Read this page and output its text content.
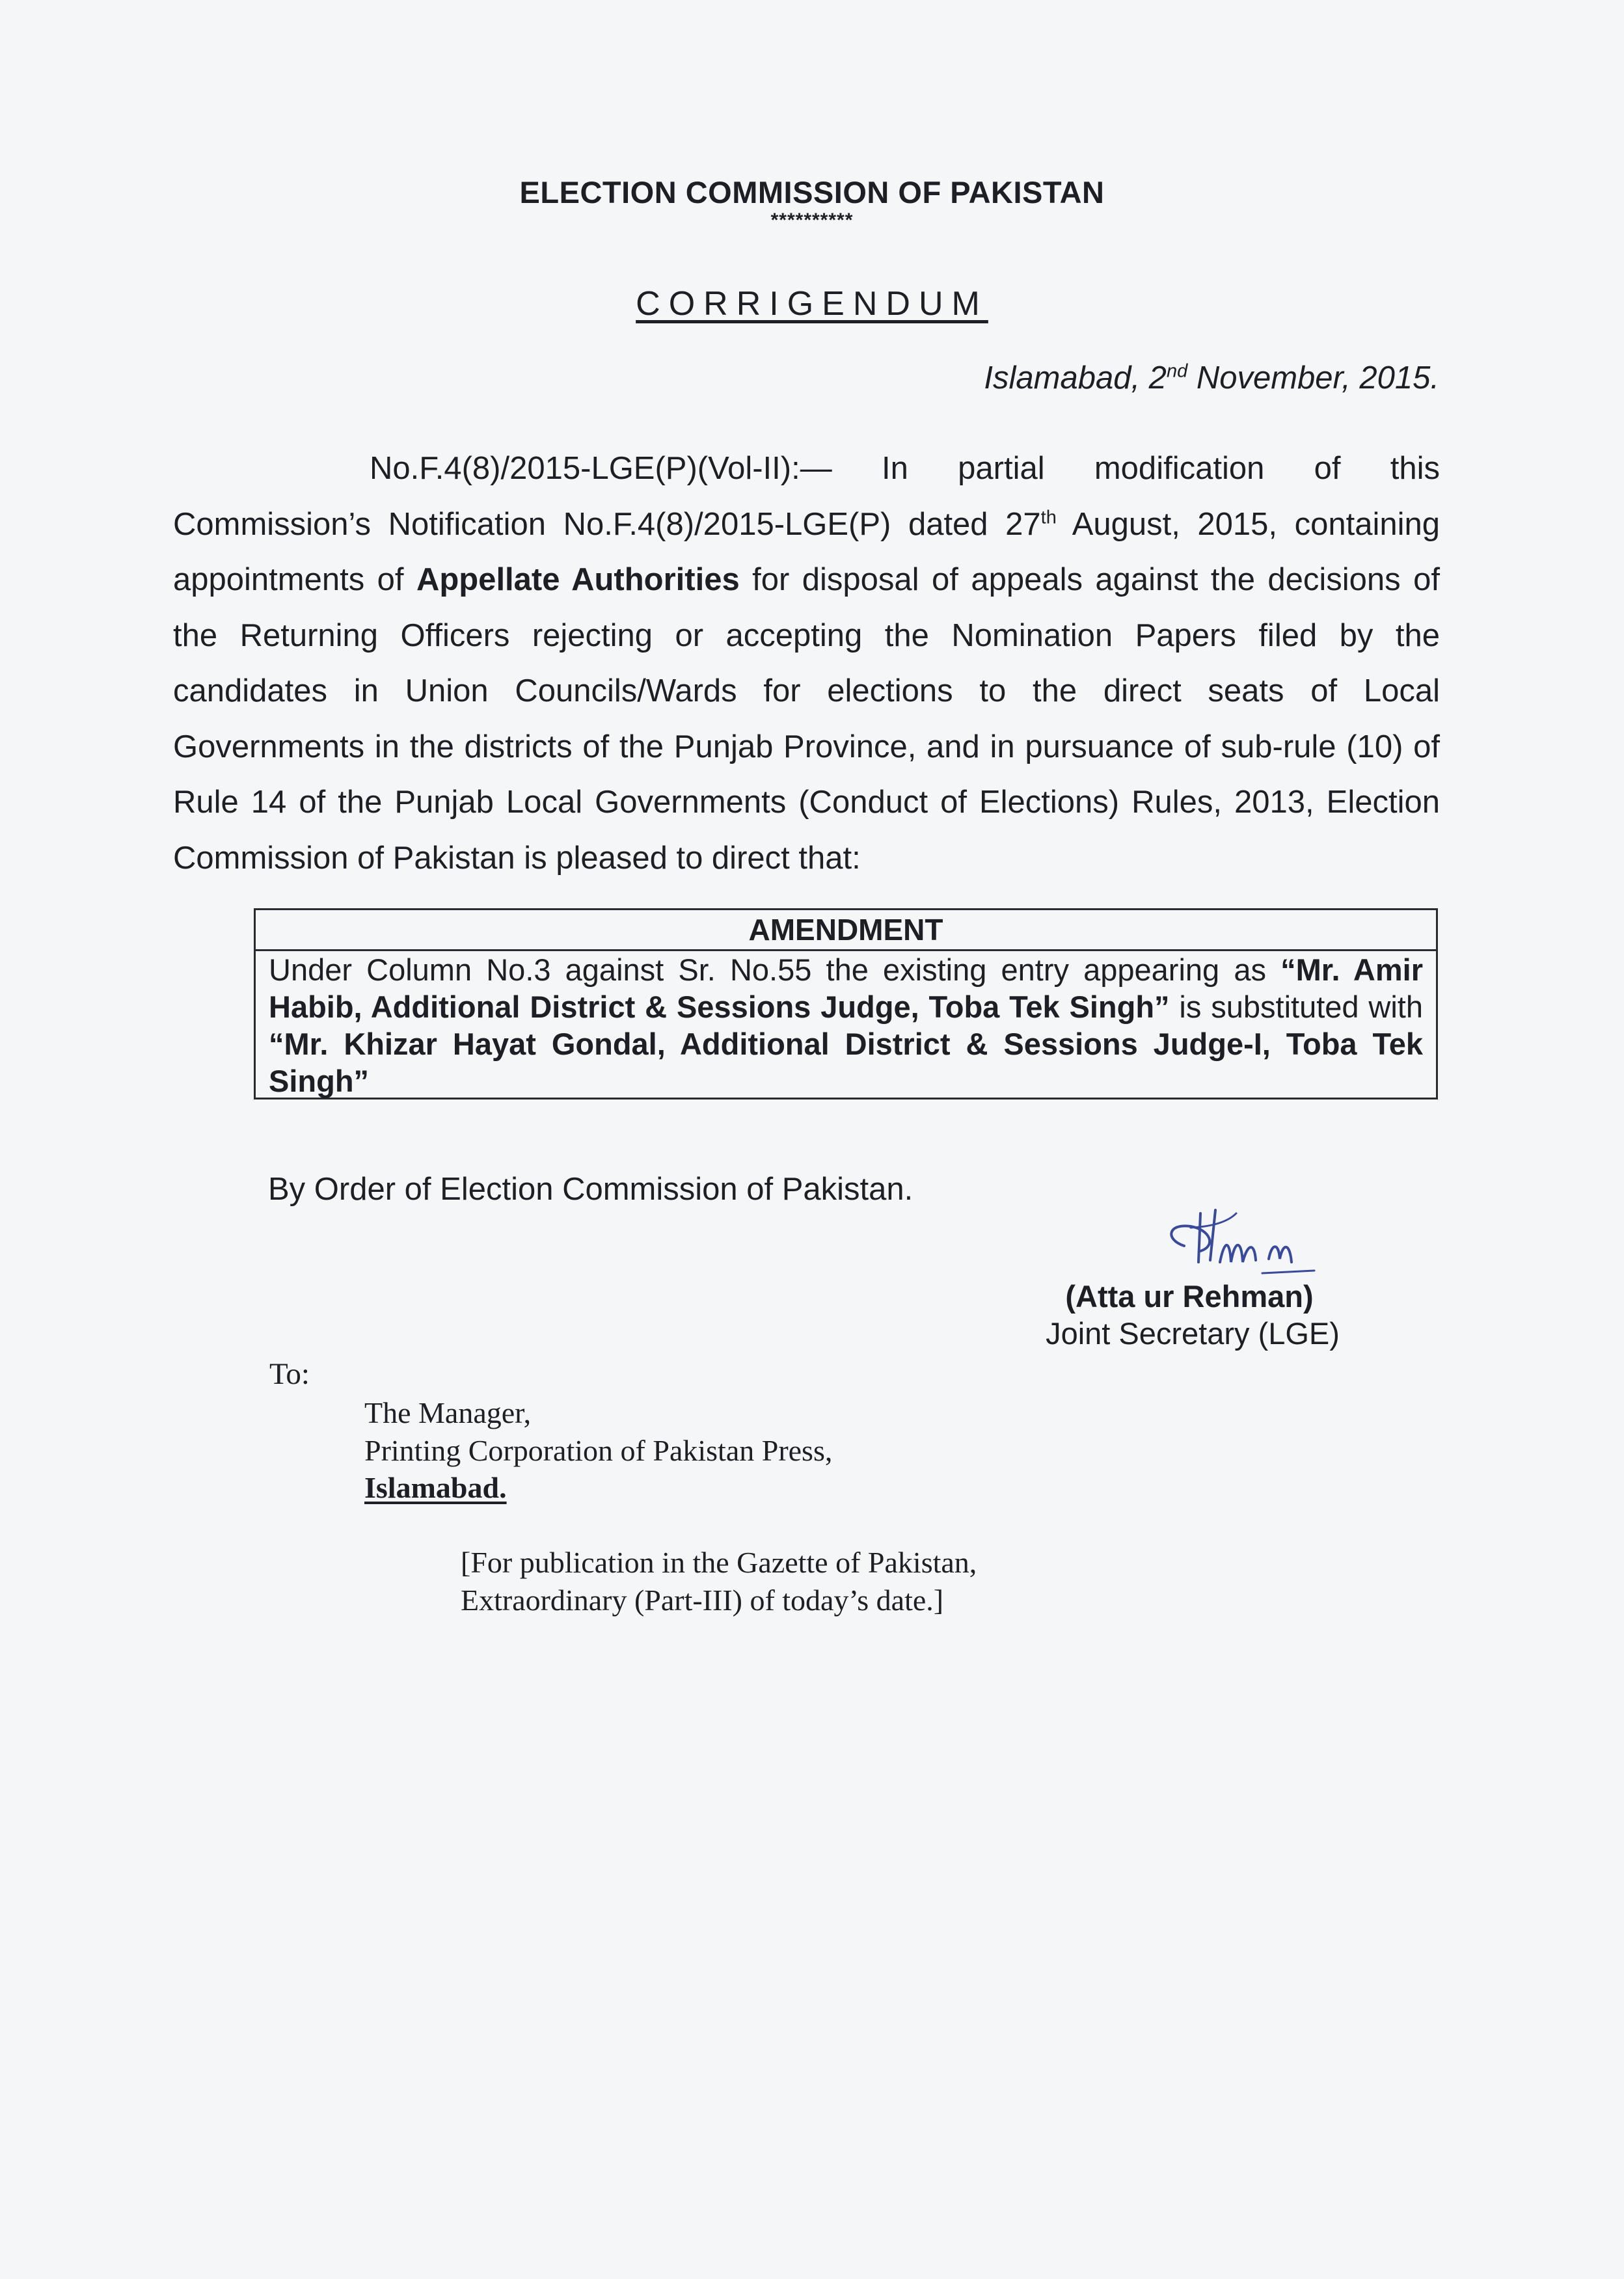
ELECTION COMMISSION OF PAKISTAN

**********

CORRIGENDUM

Islamabad, 2nd November, 2015.

No.F.4(8)/2015-LGE(P)(Vol-II):— In partial modification of this Commission’s Notification No.F.4(8)/2015-LGE(P) dated 27th August, 2015, containing appointments of Appellate Authorities for disposal of appeals against the decisions of the Returning Officers rejecting or accepting the Nomination Papers filed by the candidates in Union Councils/Wards for elections to the direct seats of Local Governments in the districts of the Punjab Province, and in pursuance of sub-rule (10) of Rule 14 of the Punjab Local Governments (Conduct of Elections) Rules, 2013, Election Commission of Pakistan is pleased to direct that:

AMENDMENT
Under Column No.3 against Sr. No.55 the existing entry appearing as “Mr. Amir Habib, Additional District & Sessions Judge, Toba Tek Singh” is substituted with “Mr. Khizar Hayat Gondal, Additional District & Sessions Judge-I, Toba Tek Singh”

By Order of Election Commission of Pakistan.

(Atta ur Rehman)

Joint Secretary (LGE)

To:

The Manager,

Printing Corporation of Pakistan Press,

Islamabad.

[For publication in the Gazette of Pakistan,

Extraordinary (Part-III) of today’s date.]
